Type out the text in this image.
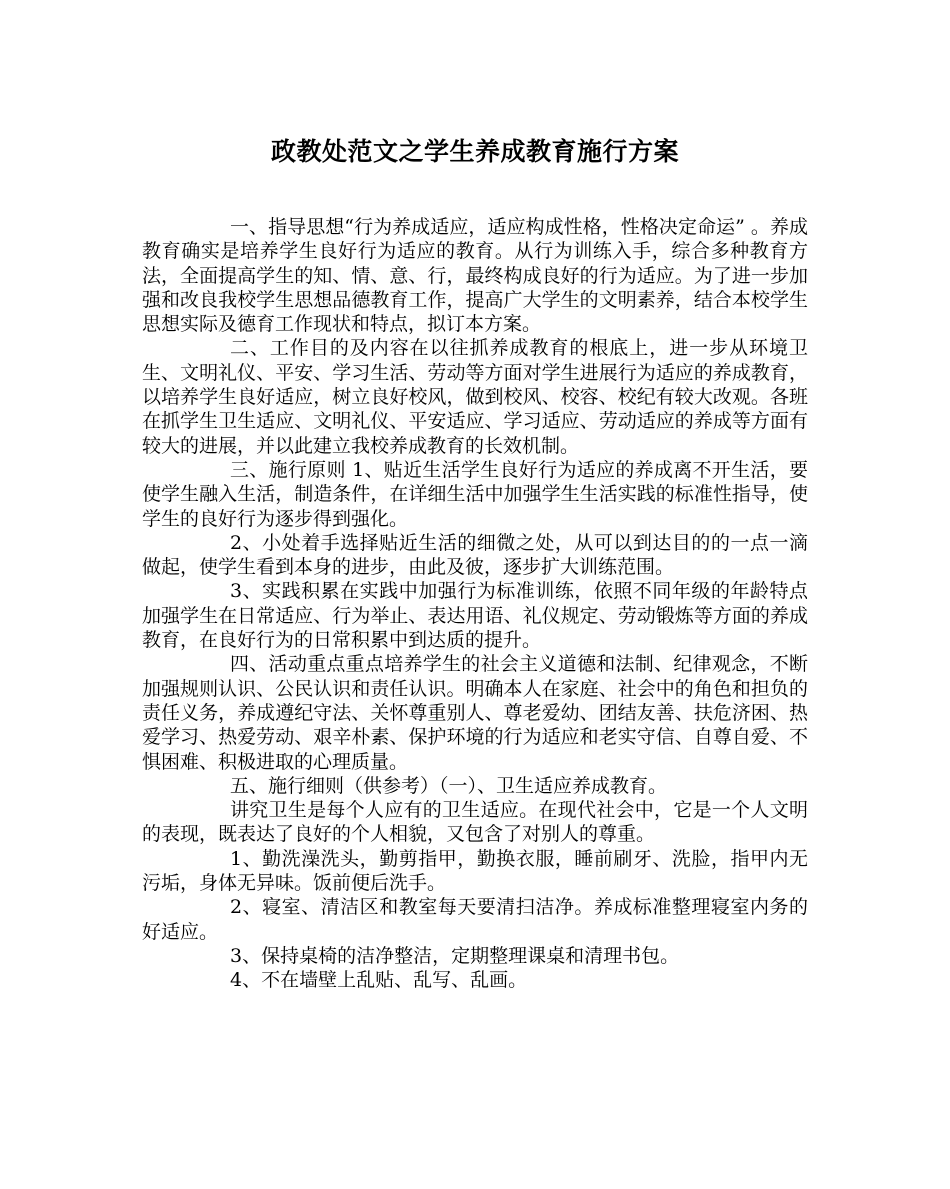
政教处范文之学生养成教育施行方案

一、指导思想“行为养成适应，适应构成性格，性格决定命运” 。养成教育确实是培养学生良好行为适应的教育。从行为训练入手，综合多种教育方法，全面提高学生的知、情、意、行，最终构成良好的行为适应。为了进一步加强和改良我校学生思想品德教育工作，提高广大学生的文明素养，结合本校学生思想实际及德育工作现状和特点，拟订本方案。

二、工作目的及内容在以往抓养成教育的根底上，进一步从环境卫生、文明礼仪、平安、学习生活、劳动等方面对学生进展行为适应的养成教育，以培养学生良好适应，树立良好校风，做到校风、校容、校纪有较大改观。各班在抓学生卫生适应、文明礼仪、平安适应、学习适应、劳动适应的养成等方面有较大的进展，并以此建立我校养成教育的长效机制。

三、施行原则 1、贴近生活学生良好行为适应的养成离不开生活，要使学生融入生活，制造条件，在详细生活中加强学生生活实践的标准性指导，使学生的良好行为逐步得到强化。

2、小处着手选择贴近生活的细微之处，从可以到达目的的一点一滴做起，使学生看到本身的进步，由此及彼，逐步扩大训练范围。

3、实践积累在实践中加强行为标准训练，依照不同年级的年龄特点加强学生在日常适应、行为举止、表达用语、礼仪规定、劳动锻炼等方面的养成教育，在良好行为的日常积累中到达质的提升。

四、活动重点重点培养学生的社会主义道德和法制、纪律观念，不断加强规则认识、公民认识和责任认识。明确本人在家庭、社会中的角色和担负的责任义务，养成遵纪守法、关怀尊重别人、尊老爱幼、团结友善、扶危济困、热爱学习、热爱劳动、艰辛朴素、保护环境的行为适应和老实守信、自尊自爱、不惧困难、积极进取的心理质量。

五、施行细则（供参考）（一）、卫生适应养成教育。

讲究卫生是每个人应有的卫生适应。在现代社会中，它是一个人文明的表现，既表达了良好的个人相貌，又包含了对别人的尊重。

1、勤洗澡洗头，勤剪指甲，勤换衣服，睡前刷牙、洗脸，指甲内无污垢，身体无异味。饭前便后洗手。

2、寝室、清洁区和教室每天要清扫洁净。养成标准整理寝室内务的好适应。

3、保持桌椅的洁净整洁，定期整理课桌和清理书包。

4、不在墙壁上乱贴、乱写、乱画。
